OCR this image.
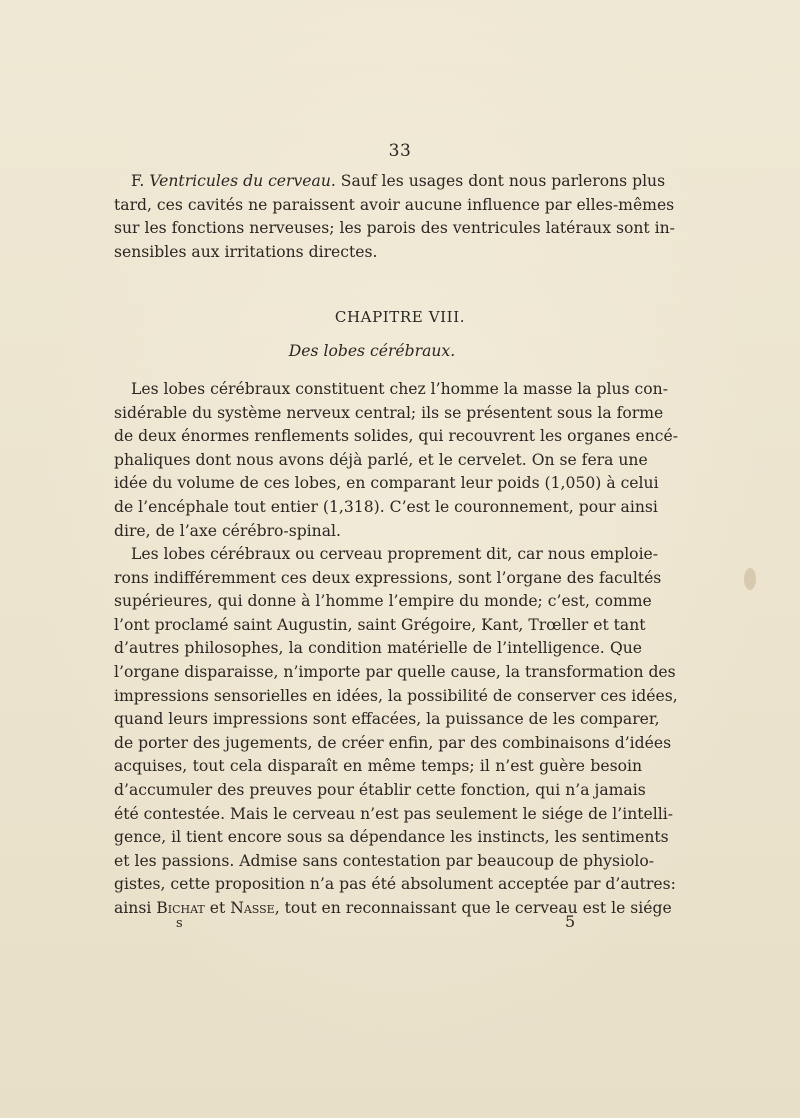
33
F. Ventricules du cerveau. Sauf les usages dont nous parlerons plus
tard, ces cavités ne paraissent avoir aucune influence par elles-mêmes
sur les fonctions nerveuses; les parois des ventricules latéraux sont in-
sensibles aux irritations directes.
CHAPITRE VIII.
Des lobes cérébraux.
Les lobes cérébraux constituent chez l’homme la masse la plus con-
sidérable du système nerveux central; ils se présentent sous la forme
de deux énormes renflements solides, qui recouvrent les organes encé-
phaliques dont nous avons déjà parlé, et le cervelet. On se fera une
idée du volume de ces lobes, en comparant leur poids (1,050) à celui
de l’encéphale tout entier (1,318). C’est le couronnement, pour ainsi
dire, de l’axe cérébro-spinal.
Les lobes cérébraux ou cerveau proprement dit, car nous emploie-
rons indifféremment ces deux expressions, sont l’organe des facultés
supérieures, qui donne à l’homme l’empire du monde; c’est, comme
l’ont proclamé saint Augustin, saint Grégoire, Kant, Trœller et tant
d’autres philosophes, la condition matérielle de l’intelligence. Que
l’organe disparaisse, n’importe par quelle cause, la transformation des
impressions sensorielles en idées, la possibilité de conserver ces idées,
quand leurs impressions sont effacées, la puissance de les comparer,
de porter des jugements, de créer enfin, par des combinaisons d’idées
acquises, tout cela disparaît en même temps; il n’est guère besoin
d’accumuler des preuves pour établir cette fonction, qui n’a jamais
été contestée. Mais le cerveau n’est pas seulement le siége de l’intelli-
gence, il tient encore sous sa dépendance les instincts, les sentiments
et les passions. Admise sans contestation par beaucoup de physiolo-
gistes, cette proposition n’a pas été absolument acceptée par d’autres:
ainsi Bichat et Nasse, tout en reconnaissant que le cerveau est le siége
s	5
